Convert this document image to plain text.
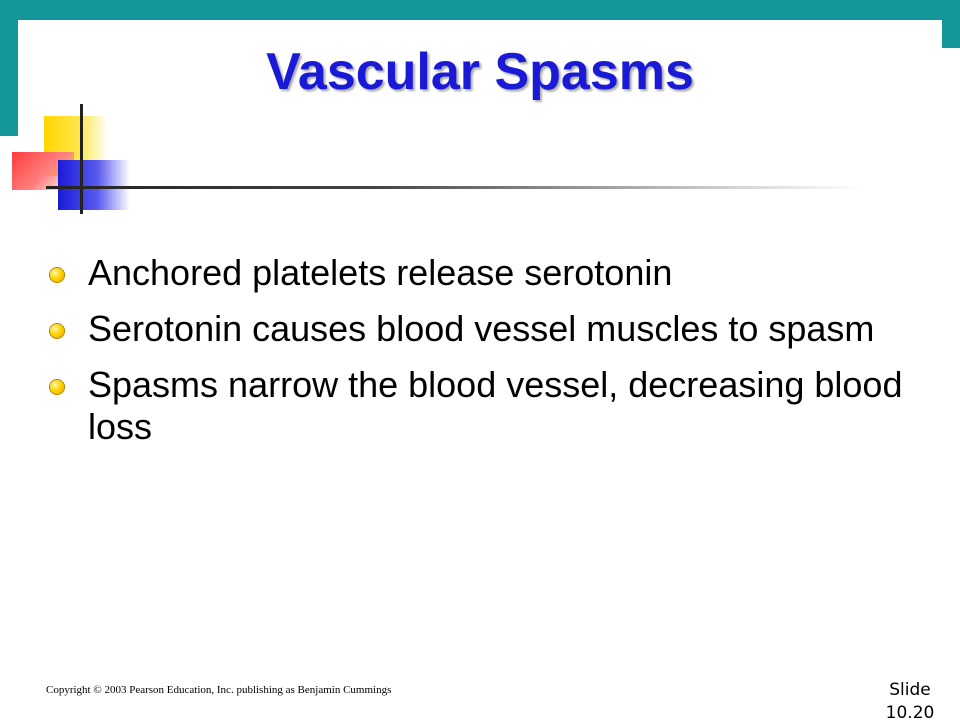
Vascular Spasms
Anchored platelets release serotonin
Serotonin causes blood vessel muscles to spasm
Spasms narrow the blood vessel, decreasing blood loss
Copyright © 2003 Pearson Education, Inc. publishing as Benjamin Cummings	Slide
10.20
